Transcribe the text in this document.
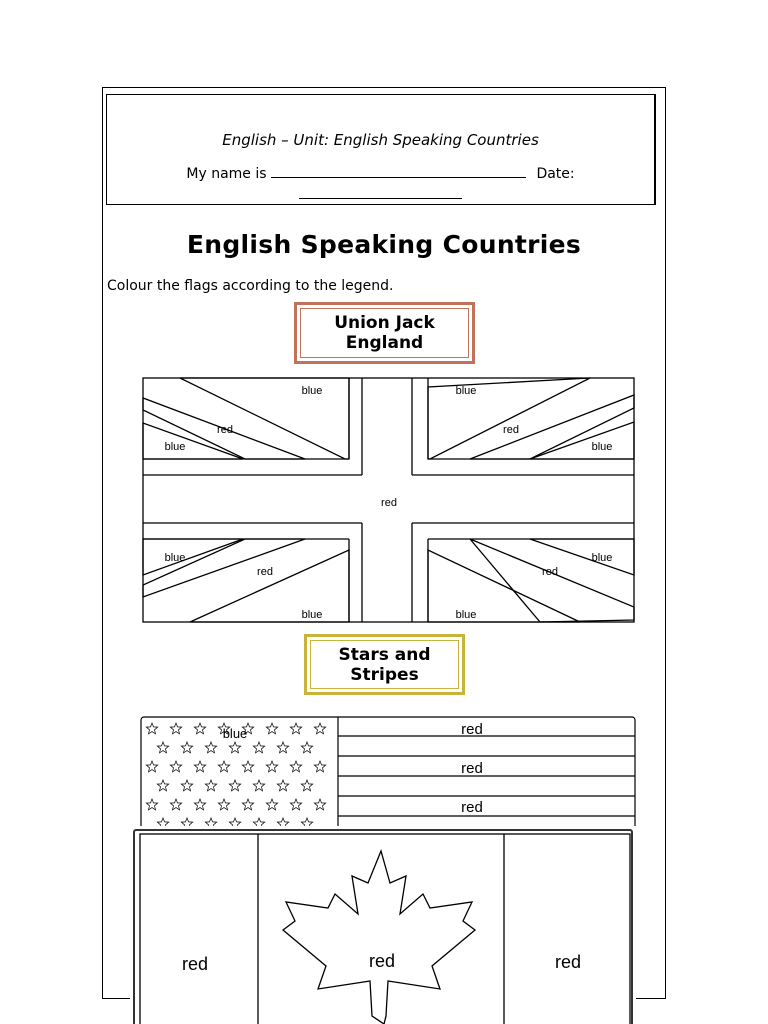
English – Unit: English Speaking Countries
My name is	Date:
English Speaking Countries
Colour the flags according to the legend.
Union Jack
England
blue	blue
red	red
blue	blue
red
blue	blue
red	red
blue	blue
Stars and
Stripes
blue	red
red
red
red	red	red
